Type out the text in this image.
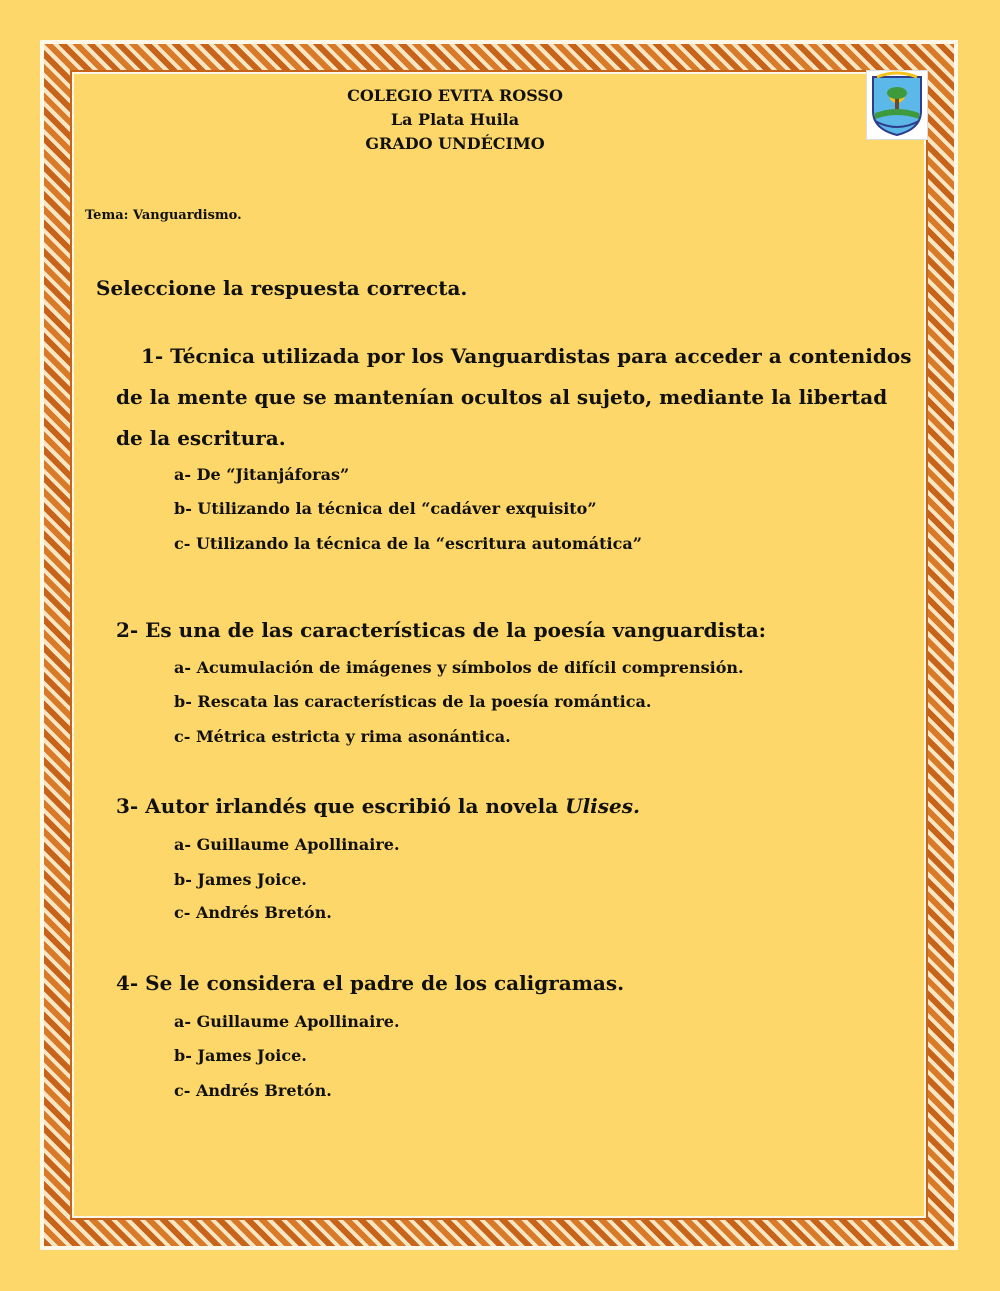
COLEGIO EVITA ROSSO
La Plata Huila
GRADO UNDÉCIMO
Tema: Vanguardismo.
Seleccione la respuesta correcta.
1- Técnica utilizada por los Vanguardistas para acceder a contenidos
de la mente que se mantenían ocultos al sujeto, mediante la libertad
de la escritura.
a- De “Jitanjáforas”
b- Utilizando la técnica del “cadáver exquisito”
c- Utilizando la técnica de la “escritura automática”
2- Es una de las características de la poesía vanguardista:
a- Acumulación de imágenes y símbolos de difícil comprensión.
b- Rescata las características de la poesía romántica.
c- Métrica estricta y rima asonántica.
3- Autor irlandés que escribió la novela Ulises.
a- Guillaume Apollinaire.
b- James Joice.
c- Andrés Bretón.
4- Se le considera el padre de los caligramas.
a- Guillaume Apollinaire.
b- James Joice.
c- Andrés Bretón.
